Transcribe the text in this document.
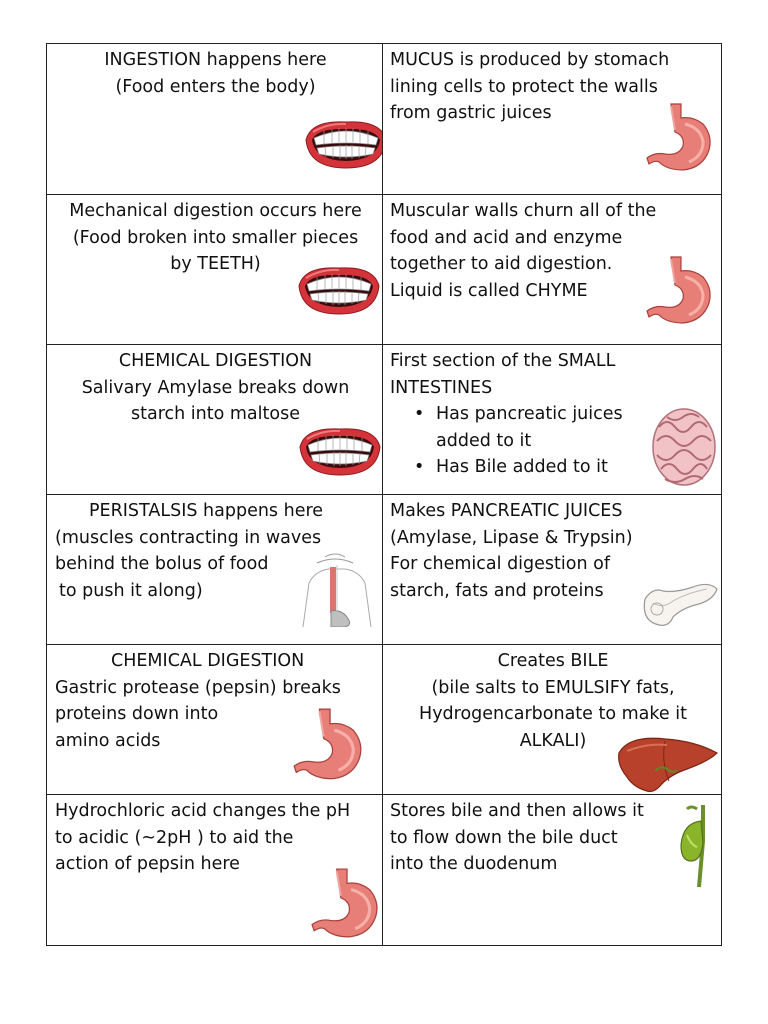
INGESTION happens here
(Food enters the body)
MUCUS is produced by stomach
lining cells to protect the walls
from gastric juices
Mechanical digestion occurs here
(Food broken into smaller pieces
by TEETH)
Muscular walls churn all of the
food and acid and enzyme
together to aid digestion.
Liquid is called CHYME
CHEMICAL DIGESTION
Salivary Amylase breaks down
starch into maltose
First section of the SMALL
INTESTINES
• Has pancreatic juices added to it
• Has Bile added to it
PERISTALSIS happens here
(muscles contracting in waves
behind the bolus of food
to push it along)
Makes PANCREATIC JUICES
(Amylase, Lipase & Trypsin)
For chemical digestion of
starch, fats and proteins
CHEMICAL DIGESTION
Gastric protease (pepsin) breaks
proteins down into
amino acids
Creates BILE
(bile salts to EMULSIFY fats,
Hydrogencarbonate to make it
ALKALI)
Hydrochloric acid changes the pH
to acidic (~2pH ) to aid the
action of pepsin here
Stores bile and then allows it
to flow down the bile duct
into the duodenum
